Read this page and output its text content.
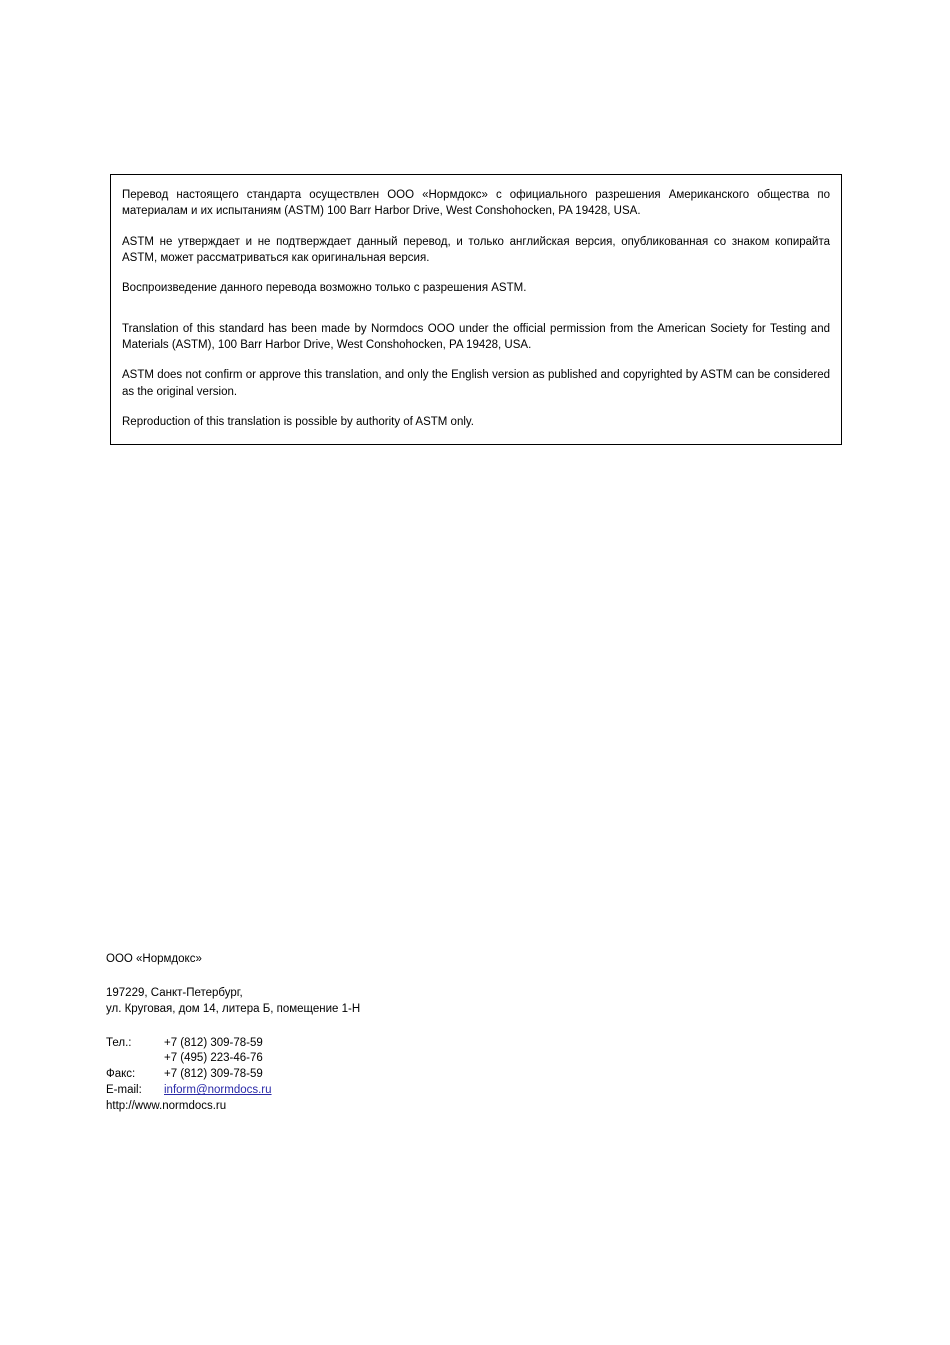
Перевод настоящего стандарта осуществлен ООО «Нормдокс» с официального разрешения Американского общества по материалам и их испытаниям (ASTM) 100 Barr Harbor Drive, West Conshohocken, PA 19428, USA.

ASTM не утверждает и не подтверждает данный перевод, и только английская версия, опубликованная со знаком копирайта ASTM, может рассматриваться как оригинальная версия.

Воспроизведение данного перевода возможно только с разрешения ASTM.

Translation of this standard has been made by Normdocs OOO under the official permission from the American Society for Testing and Materials (ASTM), 100 Barr Harbor Drive, West Conshohocken, PA 19428, USA.

ASTM does not confirm or approve this translation, and only the English version as published and copyrighted by ASTM can be considered as the original version.

Reproduction of this translation is possible by authority of ASTM only.

ООО «Нормдокс»
197229, Санкт-Петербург,
ул. Круговая, дом 14, литера Б, помещение 1-Н
Тел.:	+7 (812) 309-78-59
+7 (495) 223-46-76
Факс:	+7 (812) 309-78-59
E-mail:	inform@normdocs.ru
http://www.normdocs.ru
